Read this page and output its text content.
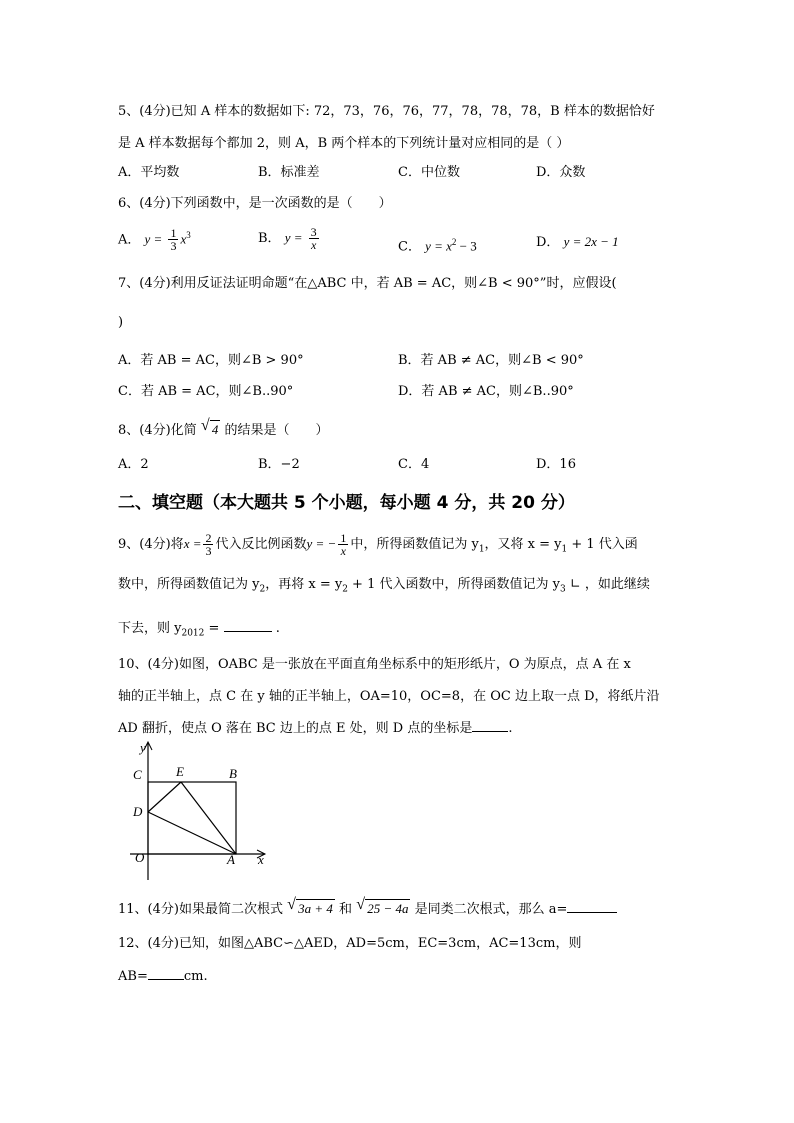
5、(4分)已知 A 样本的数据如下: 72，73，76，76，77，78，78，78，B 样本的数据恰好
是 A 样本数据每个都加 2，则 A，B 两个样本的下列统计量对应相同的是（ ）
A．平均数	B．标准差	C．中位数	D．众数
6、(4分)下列函数中，是一次函数的是（　　）
A． $y = \frac{1}{3} x^3$	B． $y = \frac{3}{x}$	C． $y = x^2 - 3$	D． y = 2x − 1
7、(4分)利用反证法证明命题“在△ABC 中，若 AB = AC，则∠B < 90°”时，应假设(
)
A．若 AB = AC，则∠B > 90°	B．若 AB ≠ AC，则∠B < 90°
C．若 AB = AC，则∠B..90°	D．若 AB ≠ AC，则∠B..90°
8、(4分)化简 √ 4 的结果是（　　）
A．2	B．−2	C．4	D．16
二、填空题（本大题共 5 个小题，每小题 4 分，共 20 分）
9、(4分)将$x = \frac{2}{3}$ 代入反比例函数y = − $\frac{1}{x}$ 中，所得函数值记为 $y_1$，又将 $x = y_1 + 1$ 代入函
数中，所得函数值记为 $y_2$，再将 $x = y_2 + 1$ 代入函数中，所得函数值记为 $y_3$ ∟ ，如此继续
下去，则 $y_{2012}$ =	.
10、(4分)如图，OABC 是一张放在平面直角坐标系中的矩形纸片，O 为原点，点 A 在 x
轴的正半轴上，点 C 在 y 轴的正半轴上，OA=10，OC=8，在 OC 边上取一点 D，将纸片沿
AD 翻折，使点 O 落在 BC 边上的点 E 处，则 D 点的坐标是	.
y
x
C	E	B
D
O	A
11、(4分)如果最简二次根式 √ 3a + 4 和 √ 25 − 4a 是同类二次根式，那么 a=
12、(4分)已知，如图△ABC∽△AED，AD=5cm，EC=3cm，AC=13cm，则
AB=	cm.
